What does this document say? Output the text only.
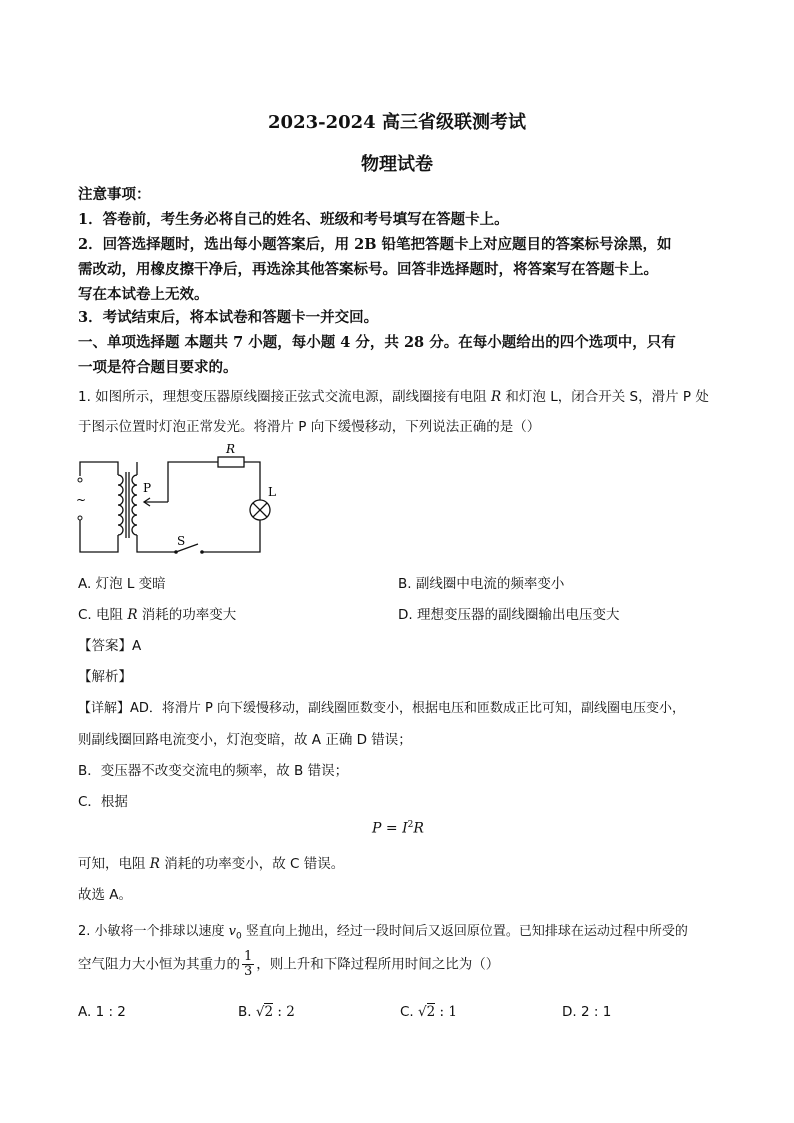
2023-2024 高三省级联测考试
物理试卷
注意事项：
1．答卷前，考生务必将自己的姓名、班级和考号填写在答题卡上。
2．回答选择题时，选出每小题答案后，用 2B 铅笔把答题卡上对应题目的答案标号涂黑，如
需改动，用橡皮擦干净后，再选涂其他答案标号。回答非选择题时，将答案写在答题卡上。
写在本试卷上无效。
3．考试结束后，将本试卷和答题卡一并交回。
一、单项选择题 本题共 7 小题，每小题 4 分，共 28 分。在每小题给出的四个选项中，只有
一项是符合题目要求的。
1. 如图所示，理想变压器原线圈接正弦式交流电源，副线圈接有电阻 R 和灯泡 L，闭合开关 S，滑片 P 处
于图示位置时灯泡正常发光。将滑片 P 向下缓慢移动，下列说法正确的是（）
~
R
P	L
S
A. 灯泡 L 变暗	B. 副线圈中电流的频率变小
C. 电阻 R 消耗的功率变大	D. 理想变压器的副线圈输出电压变大
【答案】A
【解析】
【详解】AD．将滑片 P 向下缓慢移动，副线圈匝数变小，根据电压和匝数成正比可知，副线圈电压变小，
则副线圈回路电流变小，灯泡变暗，故 A 正确 D 错误；
B．变压器不改变交流电的频率，故 B 错误；
C．根据
$P = I^2R$
可知，电阻 R 消耗的功率变小，故 C 错误。
故选 A。
2. 小敏将一个排球以速度 $v_0$ 竖直向上抛出，经过一段时间后又返回原位置。已知排球在运动过程中所受的
空气阻力大小恒为其重力的 $\frac{1}{3}$ ，则上升和下降过程所用时间之比为（）
A. 1 : 2	B. √2 : 2	C. √2 : 1	D. 2 : 1
